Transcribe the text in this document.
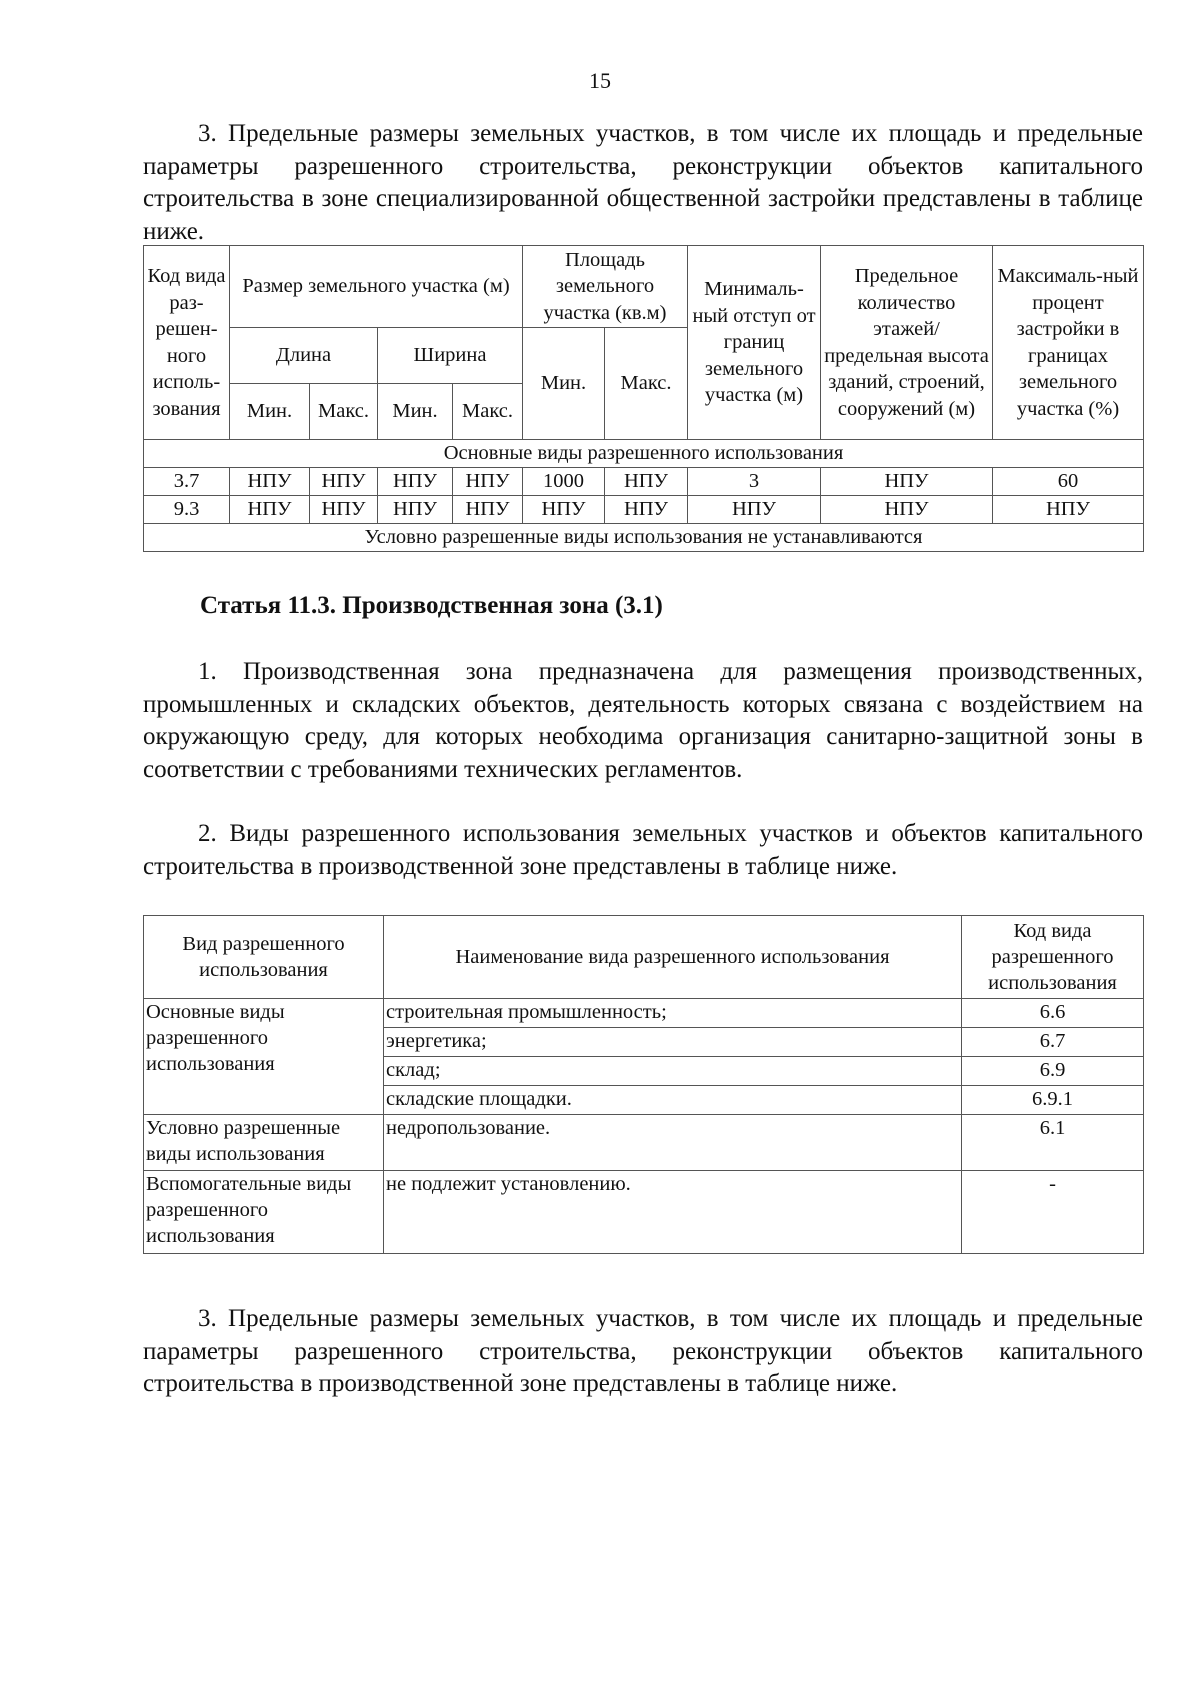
15

3. Предельные размеры земельных участков, в том числе их площадь и предельные параметры разрешенного строительства, реконструкции объектов капитального строительства в зоне специализированной общественной застройки представлены в таблице ниже.

Код вида раз-решен-ного исполь-зования	Размер земельного участка (м)				Площадь земельного участка (кв.м)		Минималь-ный отступ от границ земельного участка (м)	Предельное количество этажей/ предельная высота зданий, строений, сооружений (м)	Максималь-ный процент застройки в границах земельного участка (%)
	Длина		Ширина		Мин.	Макс.			
	Мин.	Макс.	Мин.	Макс.					
Основные виды разрешенного использования									
3.7	НПУ	НПУ	НПУ	НПУ	1000	НПУ	3	НПУ	60
9.3	НПУ	НПУ	НПУ	НПУ	НПУ	НПУ	НПУ	НПУ	НПУ
Условно разрешенные виды использования не устанавливаются									
Статья 11.3. Производственная зона (3.1)

1. Производственная зона предназначена для размещения производственных, промышленных и складских объектов, деятельность которых связана с воздействием на окружающую среду, для которых необходима организация санитарно-защитной зоны в соответствии с требованиями технических регламентов.

2. Виды разрешенного использования земельных участков и объектов капитального строительства в производственной зоне представлены в таблице ниже.

Вид разрешенного использования	Наименование вида разрешенного использования	Код вида разрешенного использования
Основные виды разрешенного использования	строительная промышленность;	6.6
	энергетика;	6.7
	склад;	6.9
	складские площадки.	6.9.1
Условно разрешенные виды использования	недропользование.	6.1
Вспомогательные виды разрешенного использования	не подлежит установлению.	-

3. Предельные размеры земельных участков, в том числе их площадь и предельные параметры разрешенного строительства, реконструкции объектов капитального строительства в производственной зоне представлены в таблице ниже.
